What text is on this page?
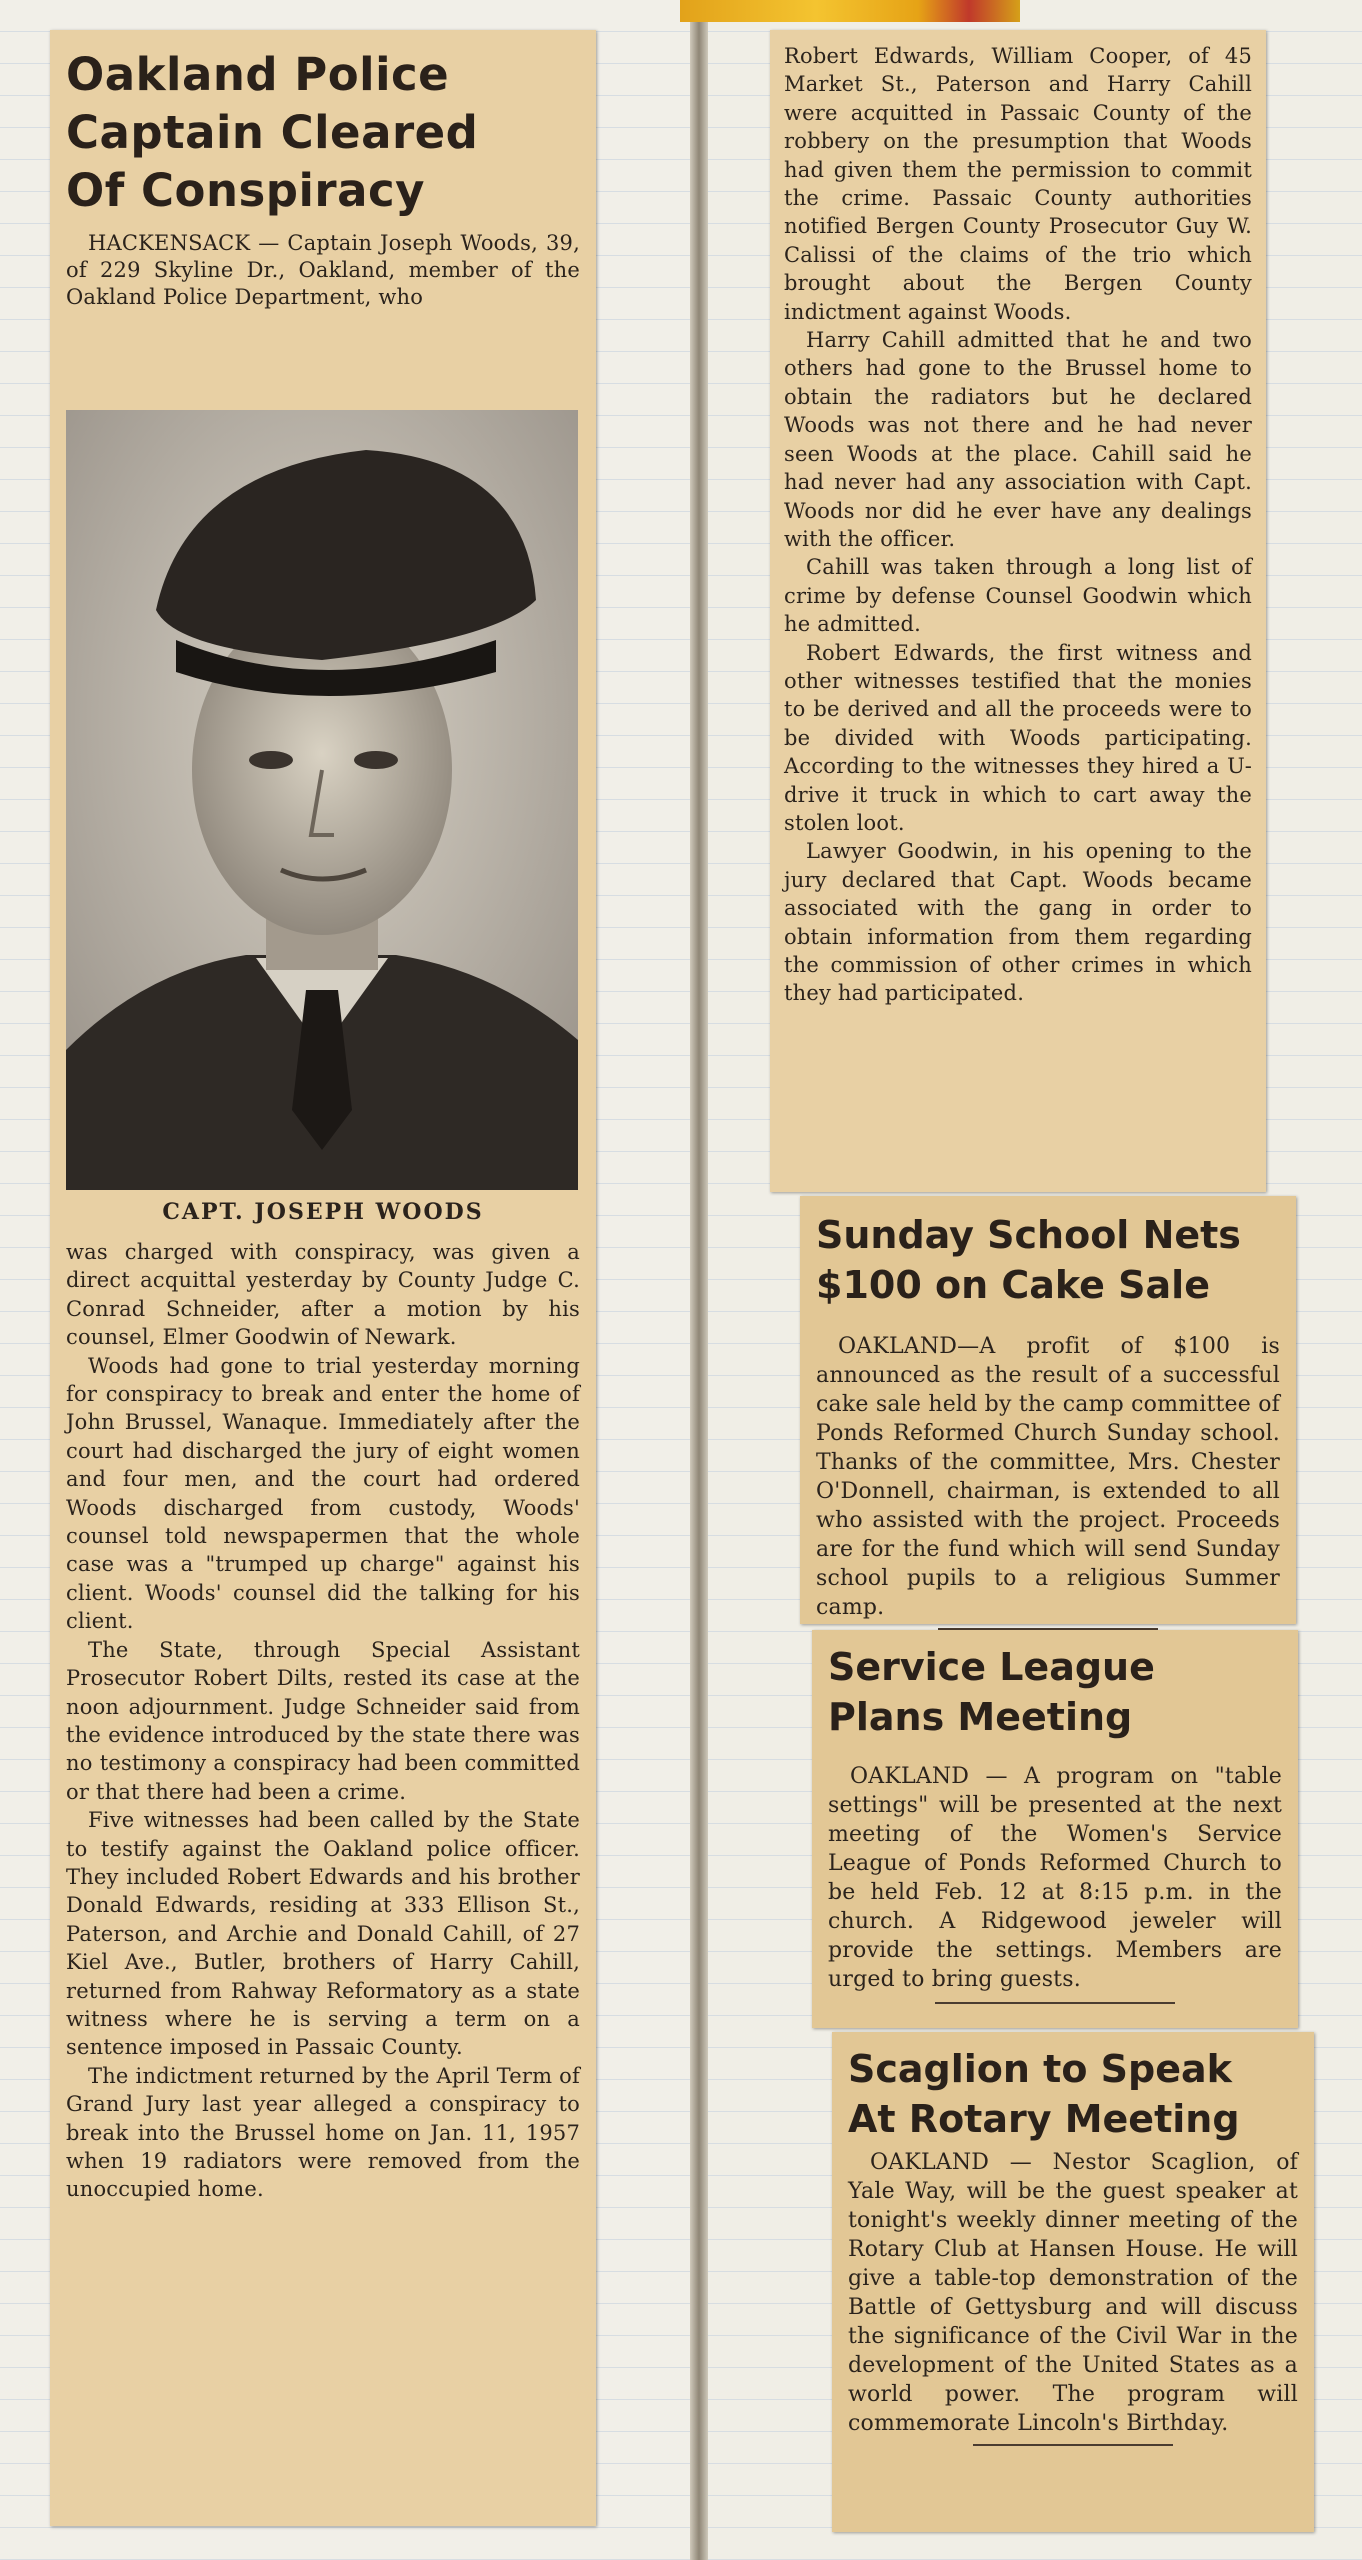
Oakland Police
Captain Cleared
Of Conspiracy

HACKENSACK — Captain Joseph Woods, 39, of 229 Skyline Dr., Oakland, member of the Oakland Police Department, who

CAPT. JOSEPH WOODS

was charged with conspiracy, was given a direct acquittal yesterday by County Judge C. Conrad Schneider, after a motion by his counsel, Elmer Goodwin of Newark.

Woods had gone to trial yesterday morning for conspiracy to break and enter the home of John Brussel, Wanaque. Immediately after the court had discharged the jury of eight women and four men, and the court had ordered Woods discharged from custody, Woods' counsel told newspapermen that the whole case was a "trumped up charge" against his client. Woods' counsel did the talking for his client.

The State, through Special Assistant Prosecutor Robert Dilts, rested its case at the noon adjournment. Judge Schneider said from the evidence introduced by the state there was no testimony a conspiracy had been committed or that there had been a crime.

Five witnesses had been called by the State to testify against the Oakland police officer. They included Robert Edwards and his brother Donald Edwards, residing at 333 Ellison St., Paterson, and Archie and Donald Cahill, of 27 Kiel Ave., Butler, brothers of Harry Cahill, returned from Rahway Reformatory as a state witness where he is serving a term on a sentence imposed in Passaic County.

The indictment returned by the April Term of Grand Jury last year alleged a conspiracy to break into the Brussel home on Jan. 11, 1957 when 19 radiators were removed from the unoccupied home.

Robert Edwards, William Cooper, of 45 Market St., Paterson and Harry Cahill were acquitted in Passaic County of the robbery on the presumption that Woods had given them the permission to commit the crime. Passaic County authorities notified Bergen County Prosecutor Guy W. Calissi of the claims of the trio which brought about the Bergen County indictment against Woods.

Harry Cahill admitted that he and two others had gone to the Brussel home to obtain the radiators but he declared Woods was not there and he had never seen Woods at the place. Cahill said he had never had any association with Capt. Woods nor did he ever have any dealings with the officer.

Cahill was taken through a long list of crime by defense Counsel Goodwin which he admitted.

Robert Edwards, the first witness and other witnesses testified that the monies to be derived and all the proceeds were to be divided with Woods participating. According to the witnesses they hired a U-drive it truck in which to cart away the stolen loot.

Lawyer Goodwin, in his opening to the jury declared that Capt. Woods became associated with the gang in order to obtain information from them regarding the commission of other crimes in which they had participated.

Sunday School Nets
$100 on Cake Sale

OAKLAND—A profit of $100 is announced as the result of a successful cake sale held by the camp committee of Ponds Reformed Church Sunday school. Thanks of the committee, Mrs. Chester O'Donnell, chairman, is extended to all who assisted with the project. Proceeds are for the fund which will send Sunday school pupils to a religious Summer camp.

Service League
Plans Meeting

OAKLAND — A program on "table settings" will be presented at the next meeting of the Women's Service League of Ponds Reformed Church to be held Feb. 12 at 8:15 p.m. in the church. A Ridgewood jeweler will provide the settings. Members are urged to bring guests.

Scaglion to Speak
At Rotary Meeting

OAKLAND — Nestor Scaglion, of Yale Way, will be the guest speaker at tonight's weekly dinner meeting of the Rotary Club at Hansen House. He will give a table-top demonstration of the Battle of Gettysburg and will discuss the significance of the Civil War in the development of the United States as a world power. The program will commemorate Lincoln's Birthday.
